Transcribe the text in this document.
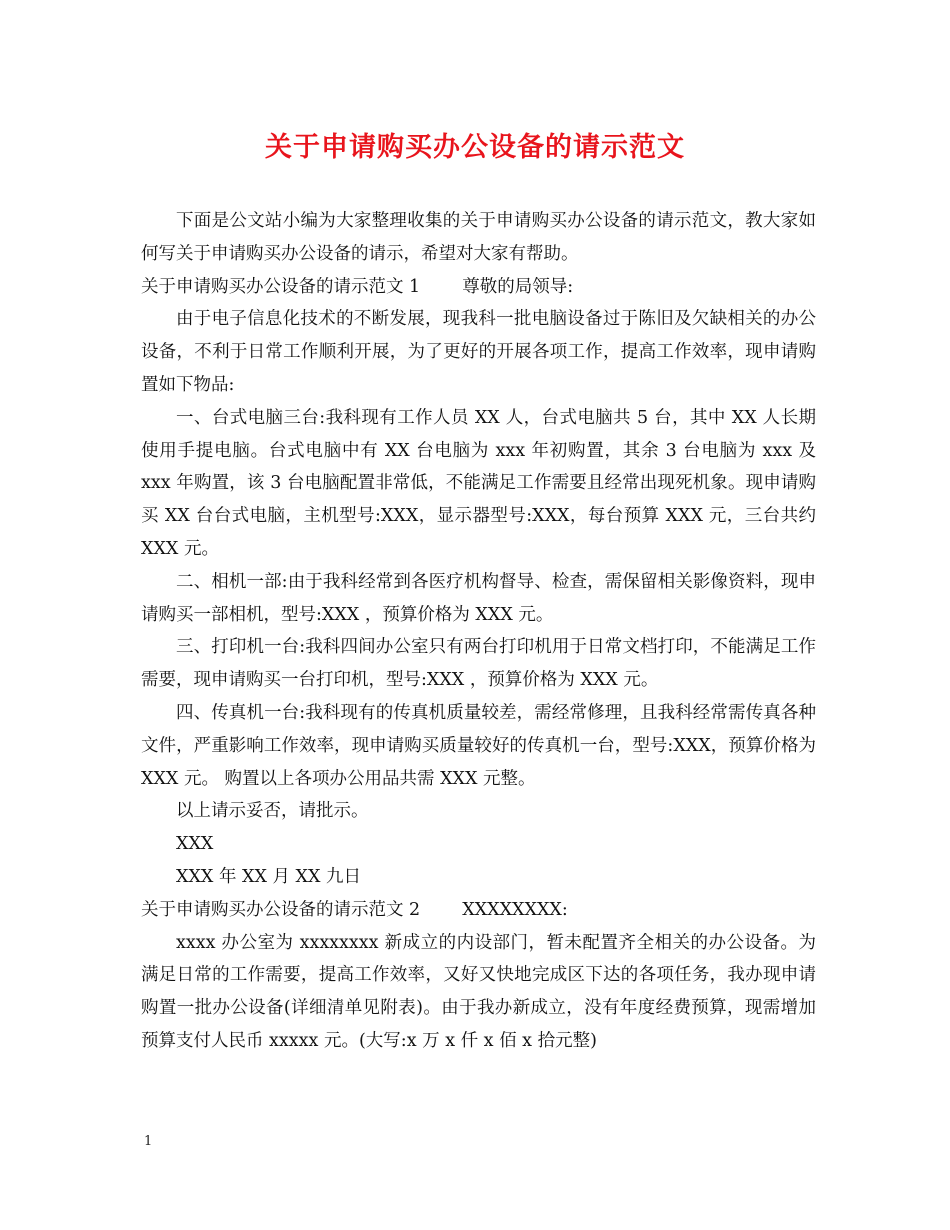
关于申请购买办公设备的请示范文

下面是公文站小编为大家整理收集的关于申请购买办公设备的请示范文，教大家如何写关于申请购买办公设备的请示，希望对大家有帮助。

关于申请购买办公设备的请示范文 1 尊敬的局领导:

由于电子信息化技术的不断发展，现我科一批电脑设备过于陈旧及欠缺相关的办公设备，不利于日常工作顺利开展，为了更好的开展各项工作，提高工作效率，现申请购置如下物品:

一、台式电脑三台:我科现有工作人员 XX 人，台式电脑共 5 台，其中 XX 人长期使用手提电脑。台式电脑中有 XX 台电脑为 xxx 年初购置，其余 3 台电脑为 xxx 及 xxx 年购置，该 3 台电脑配置非常低，不能满足工作需要且经常出现死机象。现申请购买 XX 台台式电脑，主机型号:XXX，显示器型号:XXX，每台预算 XXX 元，三台共约 XXX 元。

二、相机一部:由于我科经常到各医疗机构督导、检查，需保留相关影像资料，现申请购买一部相机，型号:XXX ，预算价格为 XXX 元。

三、打印机一台:我科四间办公室只有两台打印机用于日常文档打印，不能满足工作需要，现申请购买一台打印机，型号:XXX ，预算价格为 XXX 元。

四、传真机一台:我科现有的传真机质量较差，需经常修理，且我科经常需传真各种文件，严重影响工作效率，现申请购买质量较好的传真机一台，型号:XXX，预算价格为 XXX 元。 购置以上各项办公用品共需 XXX 元整。

以上请示妥否，请批示。

XXX

XXX 年 XX 月 XX 九日

关于申请购买办公设备的请示范文 2 XXXXXXXX:

xxxx 办公室为 xxxxxxxx 新成立的内设部门，暂未配置齐全相关的办公设备。为满足日常的工作需要，提高工作效率，又好又快地完成区下达的各项任务，我办现申请购置一批办公设备(详细清单见附表)。由于我办新成立，没有年度经费预算，现需增加预算支付人民币 xxxxx 元。(大写:x 万 x 仟 x 佰 x 拾元整)

1
